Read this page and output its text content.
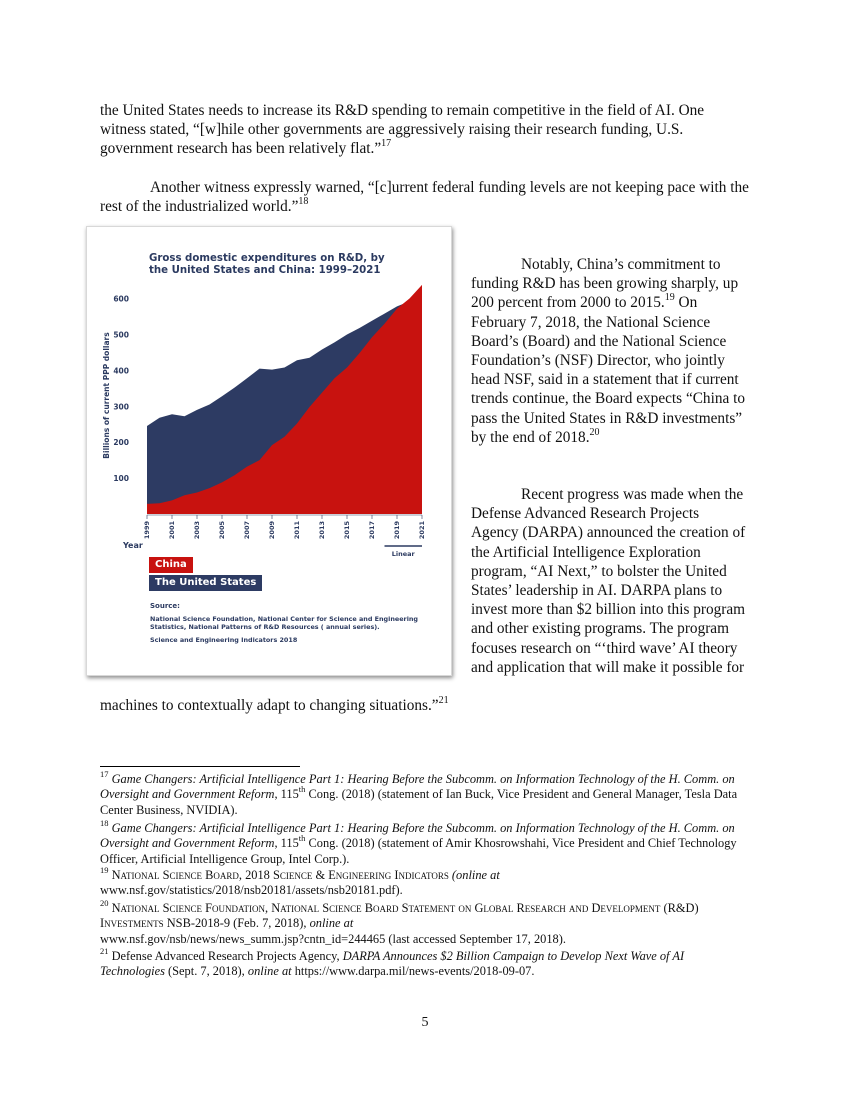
the United States needs to increase its R&D spending to remain competitive in the field of AI. One witness stated, “[w]hile other governments are aggressively raising their research funding, U.S. government research has been relatively flat.”$^{17}$

Another witness expressly warned, “[c]urrent federal funding levels are not keeping pace with the rest of the industrialized world.”$^{18}$

Notably, China’s commitment to funding R&D has been growing sharply, up 200 percent from 2000 to 2015.19 On February 7, 2018, the National Science Board’s (Board) and the National Science Foundation’s (NSF) Director, who jointly head NSF, said in a statement that if current trends continue, the Board expects “China to pass the United States in R&D investments” by the end of 2018.20

Recent progress was made when the Defense Advanced Research Projects Agency (DARPA) announced the creation of the Artificial Intelligence Exploration program, “AI Next,” to bolster the United States’ leadership in AI. DARPA plans to invest more than $2 billion into this program and other existing programs. The program focuses research on “‘third wave’ AI theory and application that will make it possible for

machines to contextually adapt to changing situations.”$^{21}$

Gross domestic expenditures on R&D, by the United States and China: 1999–2021

100
200
300
400
500
600
Billions of current PPP dollars
1999	2001	2003	2005	2007	2009	2011	2013	2015	2017	2019	2021
Year
Linear
China
The United States

Source:
National Science Foundation, National Center for Science and Engineering Statistics, National Patterns of R&D Resources ( annual series).
Science and Engineering Indicators 2018

$^{17}$ Game Changers: Artificial Intelligence Part 1: Hearing Before the Subcomm. on Information Technology of the H. Comm. on Oversight and Government Reform, 115th Cong. (2018) (statement of Ian Buck, Vice President and General Manager, Tesla Data Center Business, NVIDIA).

$^{18}$ Game Changers: Artificial Intelligence Part 1: Hearing Before the Subcomm. on Information Technology of the H. Comm. on Oversight and Government Reform, 115th Cong. (2018) (statement of Amir Khosrowshahi, Vice President and Chief Technology Officer, Artificial Intelligence Group, Intel Corp.).

$^{19}$ National Science Board, 2018 Science & Engineering Indicators (online at
www.nsf.gov/statistics/2018/nsb20181/assets/nsb20181.pdf).

$^{20}$ National Science Foundation, National Science Board Statement on Global Research and Development (R&D) Investments NSB-2018-9 (Feb. 7, 2018), online at
www.nsf.gov/nsb/news/news_summ.jsp?cntn_id=244465 (last accessed September 17, 2018).

$^{21}$ Defense Advanced Research Projects Agency, DARPA Announces $2 Billion Campaign to Develop Next Wave of AI Technologies (Sept. 7, 2018), online at https://www.darpa.mil/news-events/2018-09-07.

5
